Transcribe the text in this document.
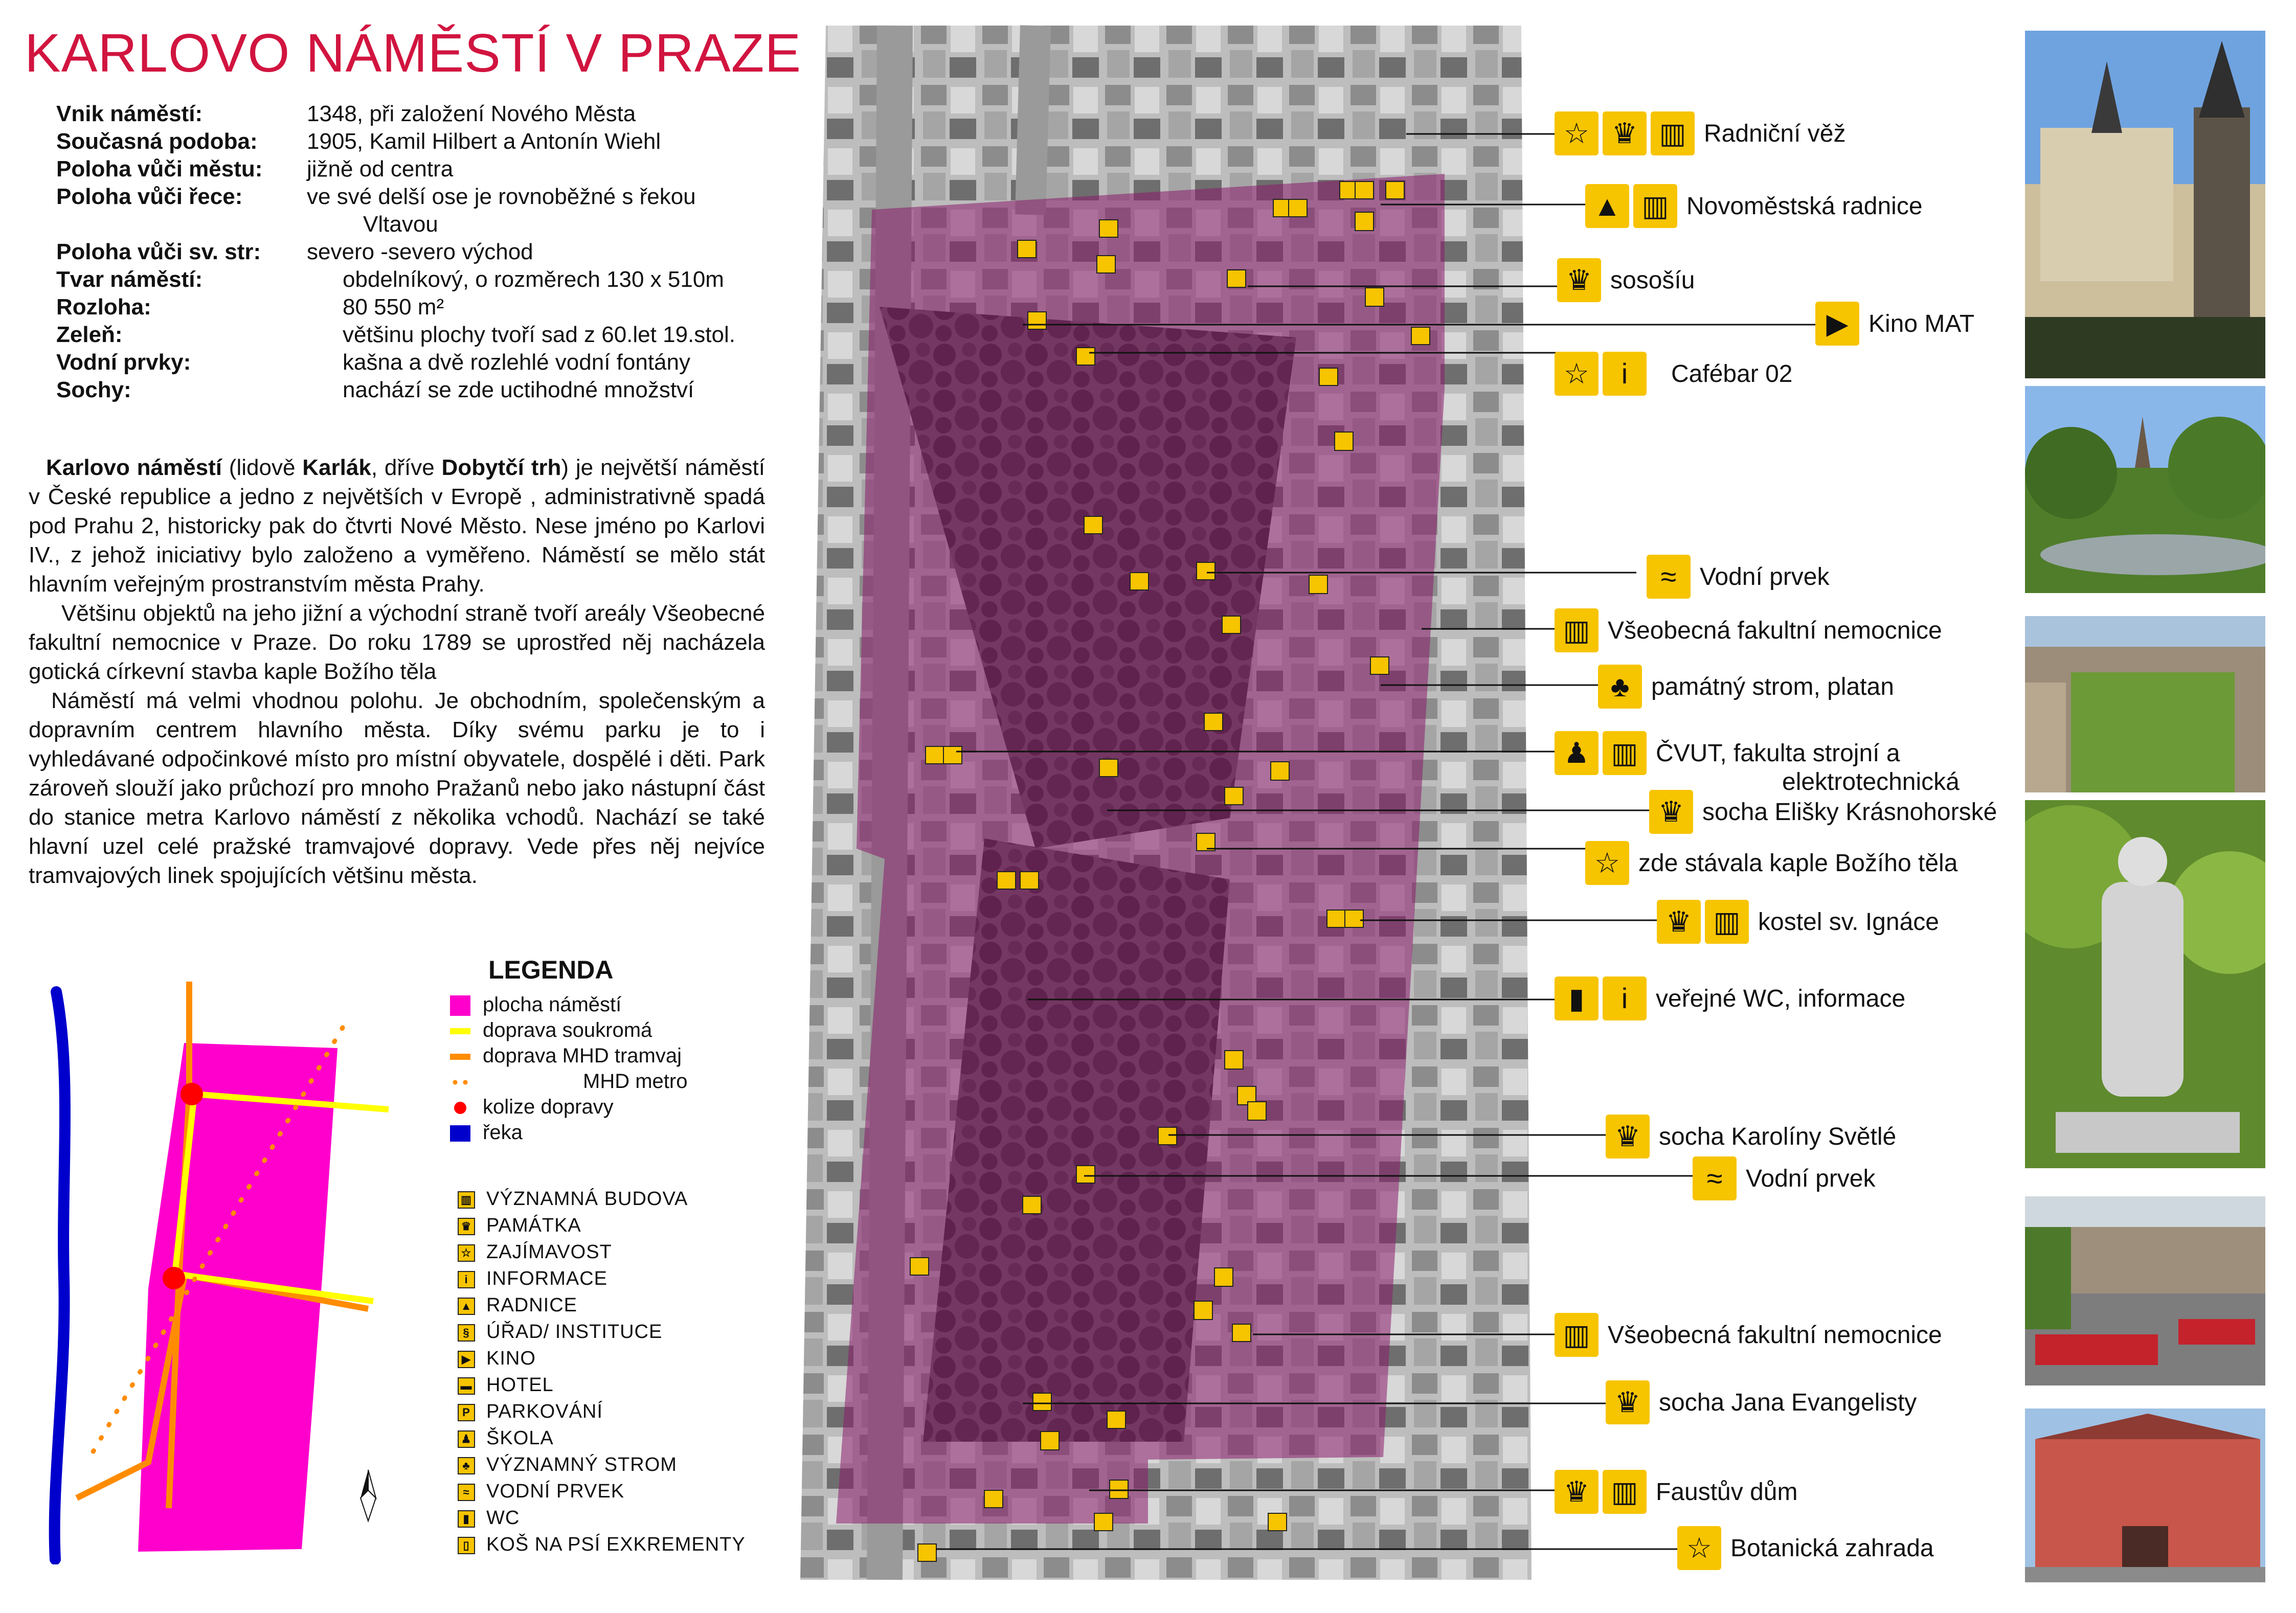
KARLOVO NÁMĚSTÍ V PRAZE
Vnik náměstí:	1348, při založení Nového Města
Současná podoba: 1905, Kamil Hilbert a Antonín Wiehl
Poloha vůči městu: jižně od centra
Poloha vůči řece:	ve své delší ose je rovnoběžné s řekou
Vltavou
Poloha vůči sv. str: severo -severo východ
Tvar náměstí:	obdelníkový, o rozměrech 130 x 510m
Rozloha:	80 550 m²
Zeleň:	většinu plochy tvoří sad z 60.let 19.stol.
Vodní prvky:	kašna a dvě rozlehlé vodní fontány
Sochy:	nachází se zde uctihodné množství

Karlovo náměstí (lidově Karlák, dříve Dobytčí trh) je největší náměstí v České republice a jedno z největších v Evropě , administrativně spadá pod Prahu 2, historicky pak do čtvrti Nové Město. Nese jméno po Karlovi IV., z jehož iniciativy bylo založeno a vyměřeno. Náměstí se mělo stát hlavním veřejným prostranstvím města Prahy.

Většinu objektů na jeho jižní a východní straně tvoří areály Všeobecné fakultní nemocnice v Praze. Do roku 1789 se uprostřed něj nacházela gotická církevní stavba kaple Božího těla

Náměstí má velmi vhodnou polohu. Je obchodním, společenským a dopravním centrem hlavního města. Díky svému parku je to i vyhledávané odpočinkové místo pro místní obyvatele, dospělé i děti. Park zároveň slouží jako průchozí pro mnoho Pražanů nebo jako nástupní část do stanice metra Karlovo náměstí z několika vchodů. Nachází se také hlavní uzel celé pražské tramvajové dopravy. Vede přes něj nejvíce tramvajových linek spojujících většinu města.

LEGENDA
plocha náměstí
doprava soukromá
doprava MHD tramvaj
MHD metro
kolize dopravy
řeka
▥ VÝZNAMNÁ BUDOVA
♛ PAMÁTKA
☆ ZAJÍMAVOST
i INFORMACE
▲ RADNICE
§ ÚŘAD/ INSTITUCE
▶ KINO
▬ HOTEL
P PARKOVÁNÍ
♟ ŠKOLA
♣ VÝZNAMNÝ STROM
≈ VODNÍ PRVEK
▮ WC
▯ KOŠ NA PSÍ EXKREMENTY
☆ ♛ ▥ Radniční věž
▲ ▥ Novoměstská radnice
♛ sosošíu
▶ Kino MAT
☆	i	Cafébar 02
≈ Vodní prvek
▥ Všeobecná fakultní nemocnice
♣ památný strom, platan
♟ ▥ ČVUT, fakulta strojní a
elektrotechnická
♛ socha Elišky Krásnohorské
☆ zde stávala kaple Božího těla
♛ ▥ kostel sv. Ignáce
▮	i	veřejné WC, informace
♛ socha Karolíny Světlé
≈ Vodní prvek
▥ Všeobecná fakultní nemocnice
♛ socha Jana Evangelisty
♛ ▥ Faustův dům
☆ Botanická zahrada
